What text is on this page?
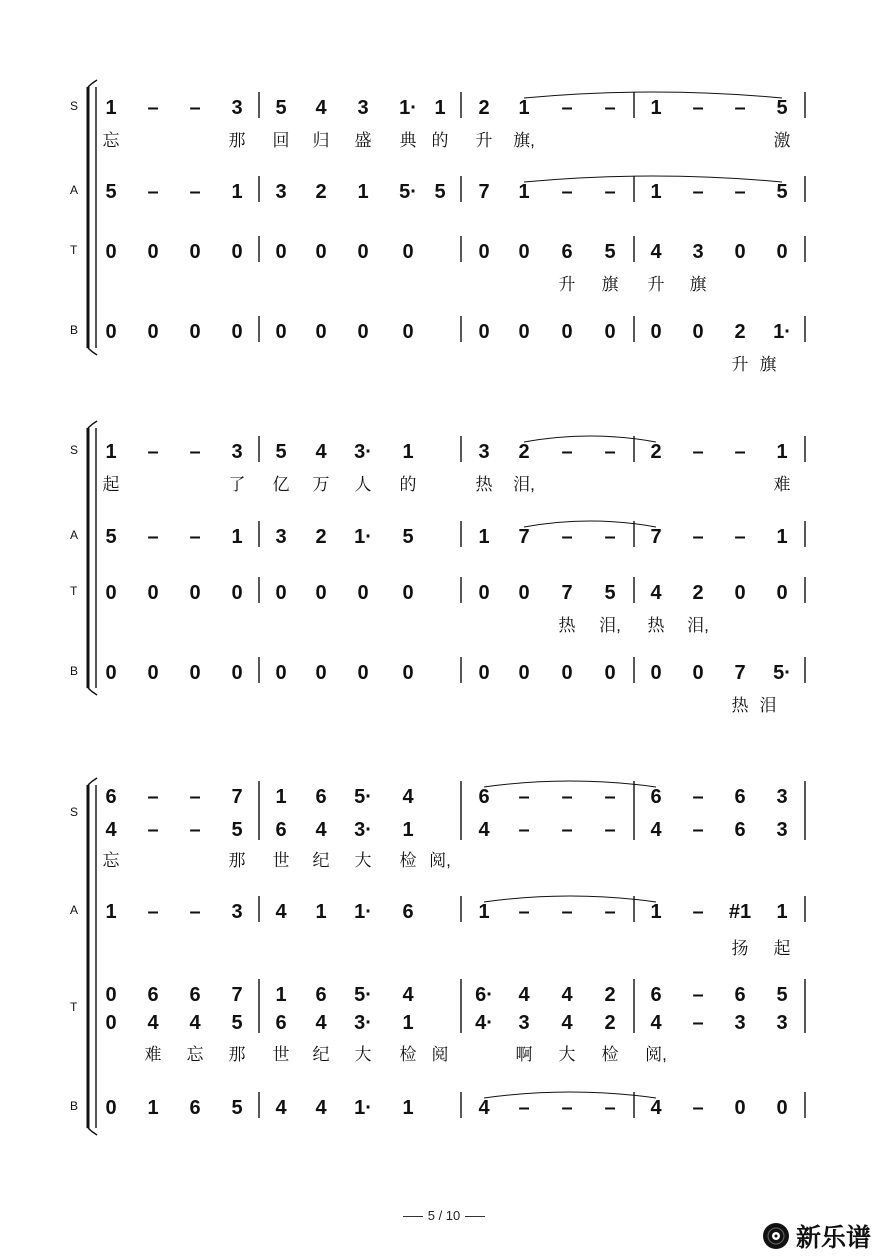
S 1 – – 3 5 4 3 1· 1 2 1 – – 1 – – 5
忘	那 回 归 盛 典 的 升 旗,	激
A 5 – – 1 3 2 1 5· 5 7 1 – – 1 – – 5
T 0 0 0 0 0 0 0 0	0 0 6 5 4 3 0 0
升 旗 升 旗
B 0 0 0 0 0 0 0 0	0 0 0 0 0 0 2 1·
升 旗
S 1 – – 3 5 4 3· 1	3 2 – – 2 – – 1
起	了 亿 万 人 的	热 泪,	难
A 5 – – 1 3 2 1· 5	1 7 – – 7 – – 1
T 0 0 0 0 0 0 0 0	0 0 7 5 4 2 0 0
热 泪, 热 泪,
B 0 0 0 0 0 0 0 0	0 0 0 0 0 0 7 5·
热 泪
S
6 – – 7 1 6 5· 4	6 – – – 6 – 6 3
4 – – 5 6 4 3· 1	4 – – – 4 – 6 3
忘	那 世 纪 大 检 阅,
A 1 – – 3 4 1 1· 6	1 – – – 1 – #1 1
扬 起
T
0 6 6 7 1 6 5· 4	6· 4 4 2 6 – 6 5
0 4 4 5 6 4 3· 1	4· 3 4 2 4 – 3 3
难 忘 那 世 纪 大 检 阅	啊 大 检 阅,
B 0 1 6 5 4 4 1· 1	4 – – – 4 – 0 0
5 / 10
新乐谱
